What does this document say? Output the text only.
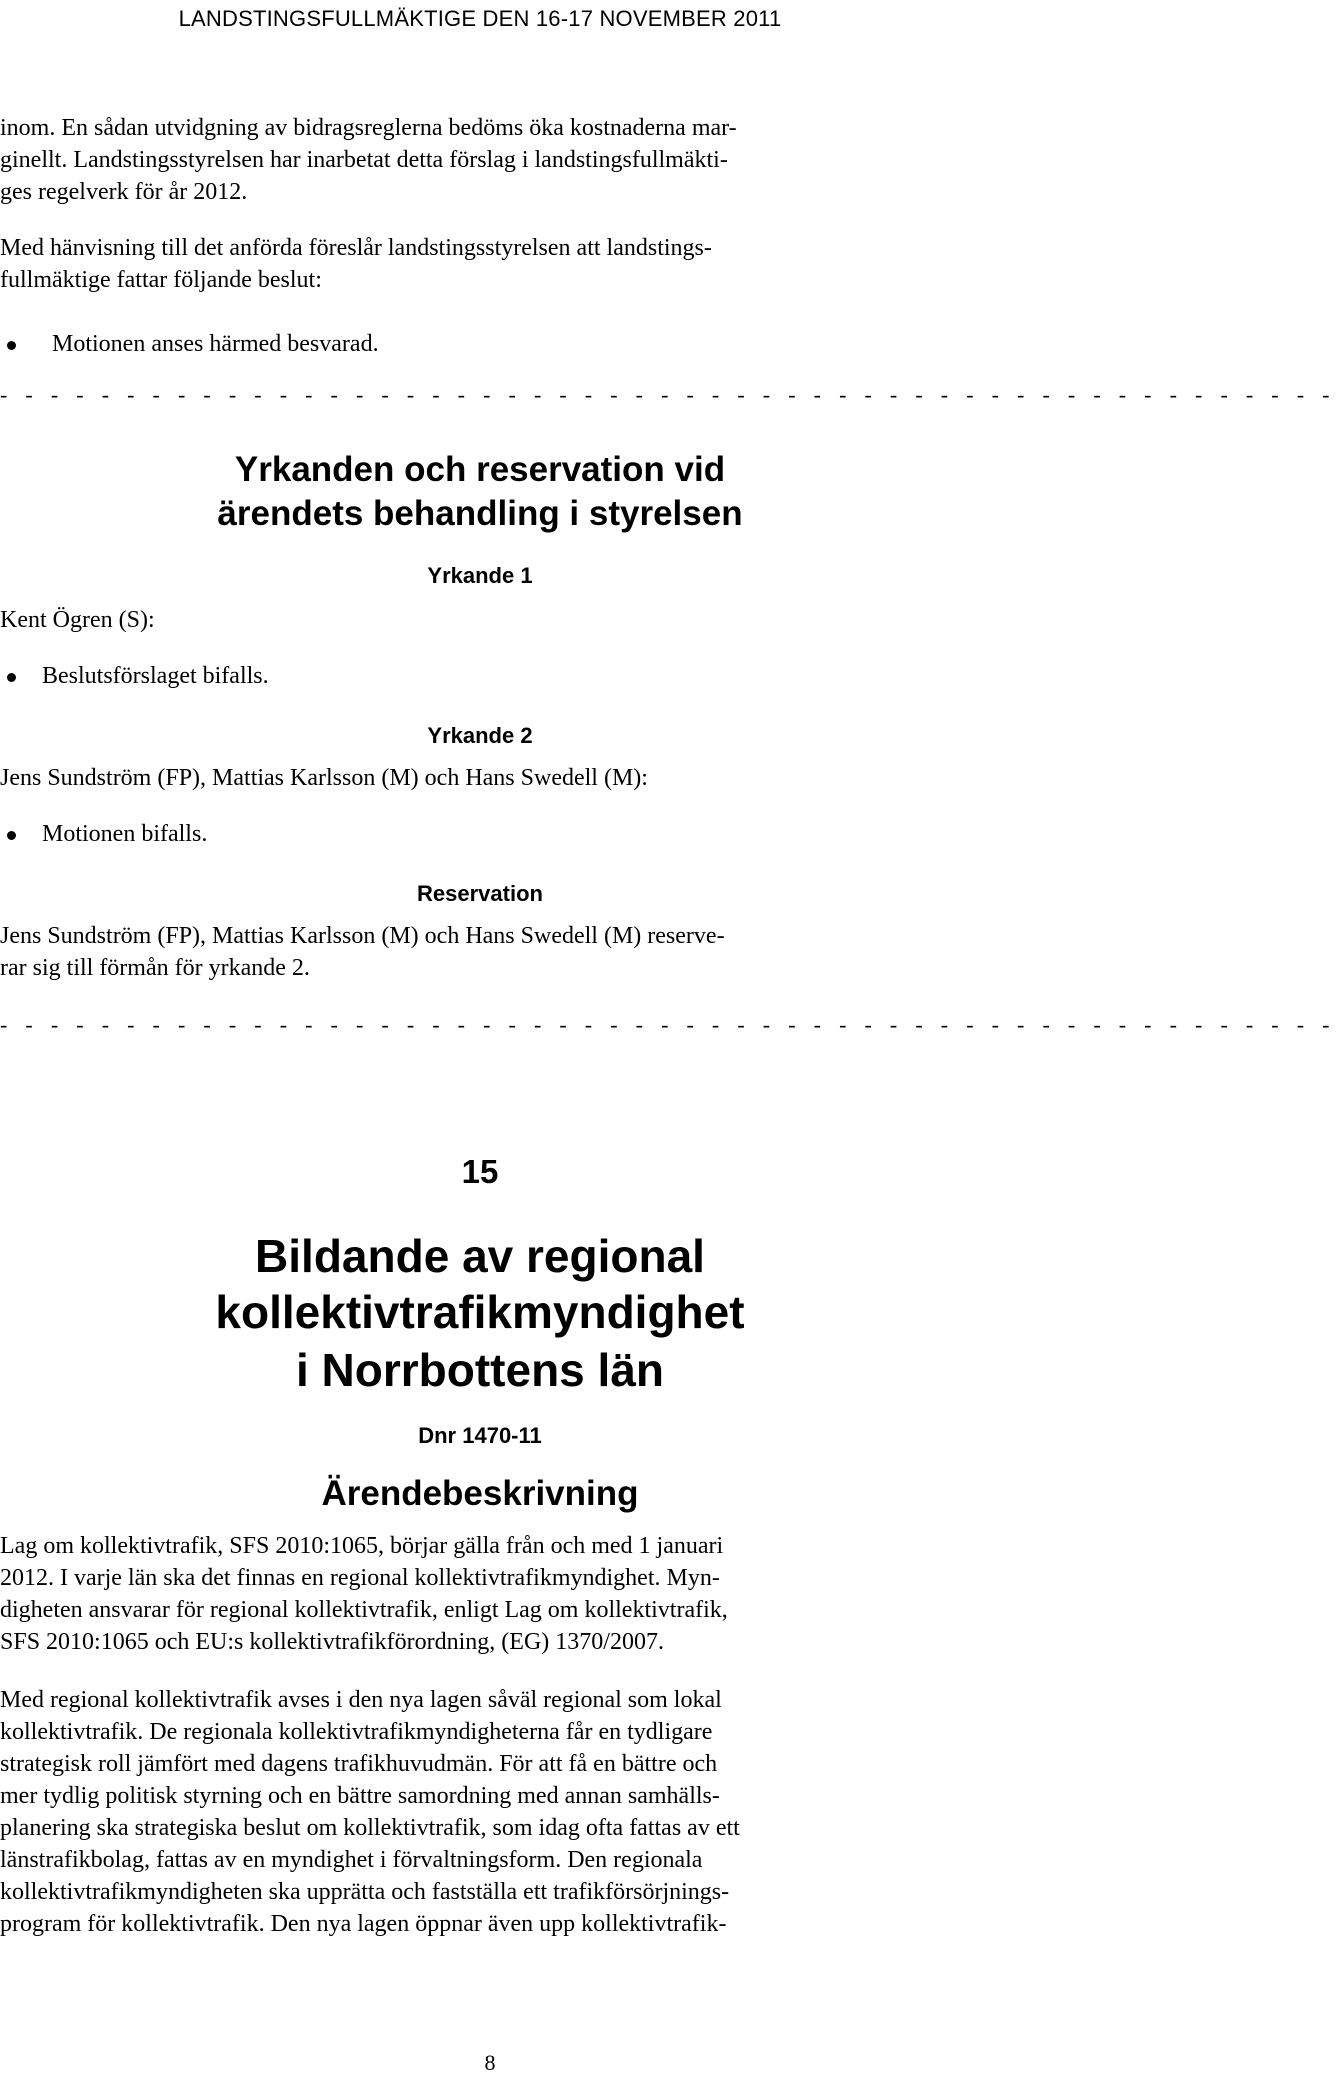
LANDSTINGSFULLMÄKTIGE DEN 16-17 NOVEMBER 2011
inom. En sådan utvidgning av bidragsreglerna bedöms öka kostnaderna mar-
ginellt. Landstingsstyrelsen har inarbetat detta förslag i landstingsfullmäkti-
ges regelverk för år 2012.
Med hänvisning till det anförda föreslår landstingsstyrelsen att landstings-
fullmäktige fattar följande beslut:
Motionen anses härmed besvarad.
- - - - - - - - - - - - - - - - - - - - - - - - - - - - - - - - - - - - - - - - - - - - - - - - - - - - -
Yrkanden och reservation vid
ärendets behandling i styrelsen
Yrkande 1
Kent Ögren (S):
Beslutsförslaget bifalls.
Yrkande 2
Jens Sundström (FP), Mattias Karlsson (M) och Hans Swedell (M):
Motionen bifalls.
Reservation
Jens Sundström (FP), Mattias Karlsson (M) och Hans Swedell (M) reserve-
rar sig till förmån för yrkande 2.
- - - - - - - - - - - - - - - - - - - - - - - - - - - - - - - - - - - - - - - - - - - - - - - - - - - - -
15
Bildande av regional
kollektivtrafikmyndighet
i Norrbottens län
Dnr 1470-11
Ärendebeskrivning
Lag om kollektivtrafik, SFS 2010:1065, börjar gälla från och med 1 januari
2012. I varje län ska det finnas en regional kollektivtrafikmyndighet. Myn-
digheten ansvarar för regional kollektivtrafik, enligt Lag om kollektivtrafik,
SFS 2010:1065 och EU:s kollektivtrafikförordning, (EG) 1370/2007.
Med regional kollektivtrafik avses i den nya lagen såväl regional som lokal
kollektivtrafik. De regionala kollektivtrafikmyndigheterna får en tydligare
strategisk roll jämfört med dagens trafikhuvudmän. För att få en bättre och
mer tydlig politisk styrning och en bättre samordning med annan samhälls-
planering ska strategiska beslut om kollektivtrafik, som idag ofta fattas av ett
länstrafikbolag, fattas av en myndighet i förvaltningsform. Den regionala
kollektivtrafikmyndigheten ska upprätta och fastställa ett trafikförsörjnings-
program för kollektivtrafik. Den nya lagen öppnar även upp kollektivtrafik-
8
